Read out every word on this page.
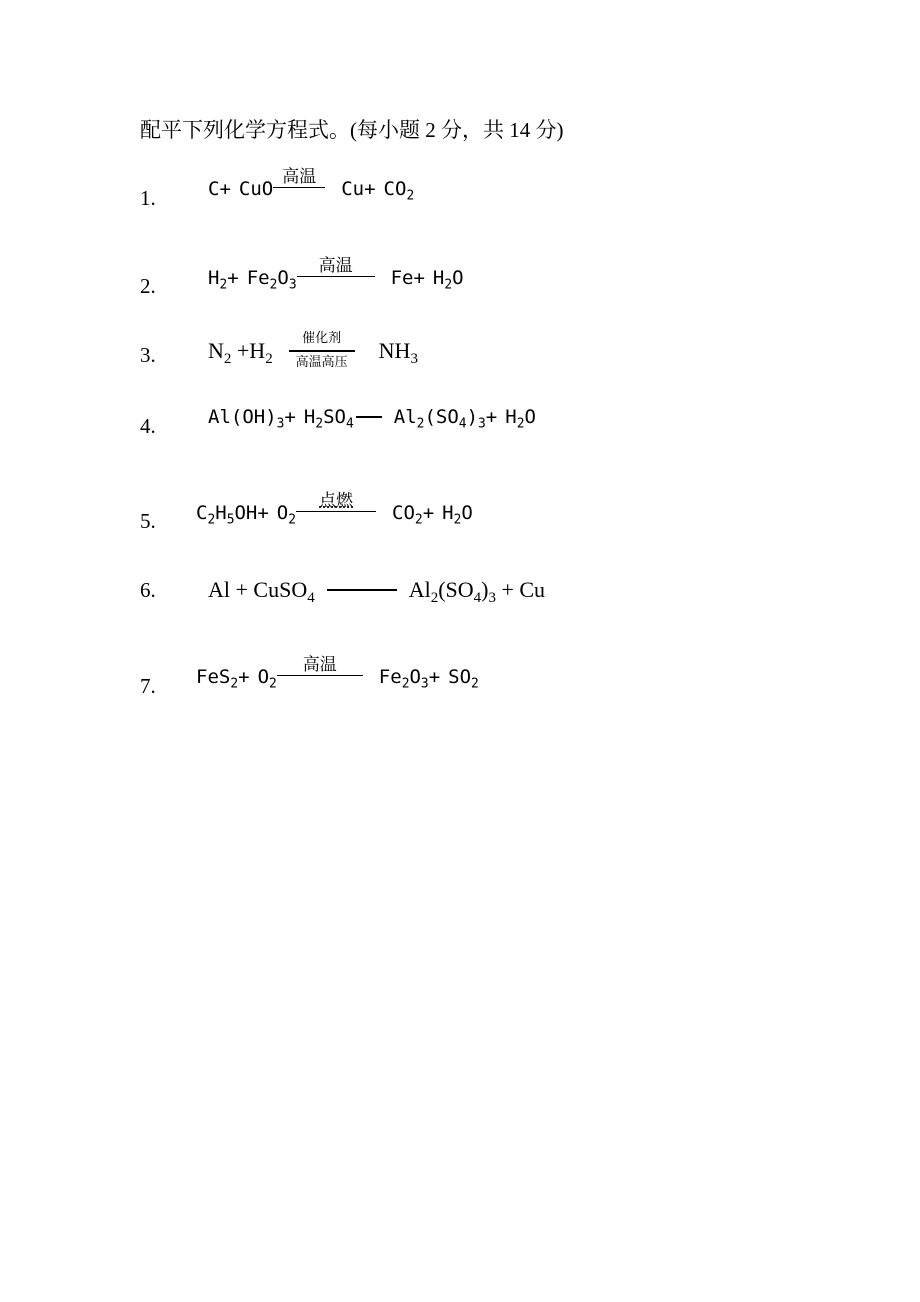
配平下列化学方程式。(每小题 2 分，共 14 分)
1.	C+ CuO
高温
$Cu+ CO_2$
2.	$H_2+ Fe_2O_3$
高温
$Fe+ H_2O$
3. $N_2 + H_2$
催化剂
高温高压 $NH_3$
4.	$Al(OH)_3+ H_2SO_4$ $Al_2(SO_4)_3+ H_2O$
5. $C_2H_5OH+ O_2$
点燃
$CO_2+ H_2O$
6. Al + CuSO$_4$	$Al_2(SO_4)_3 + Cu$
7. $FeS_2+ O_2$
高温
$Fe_2O_3+ SO_2$
